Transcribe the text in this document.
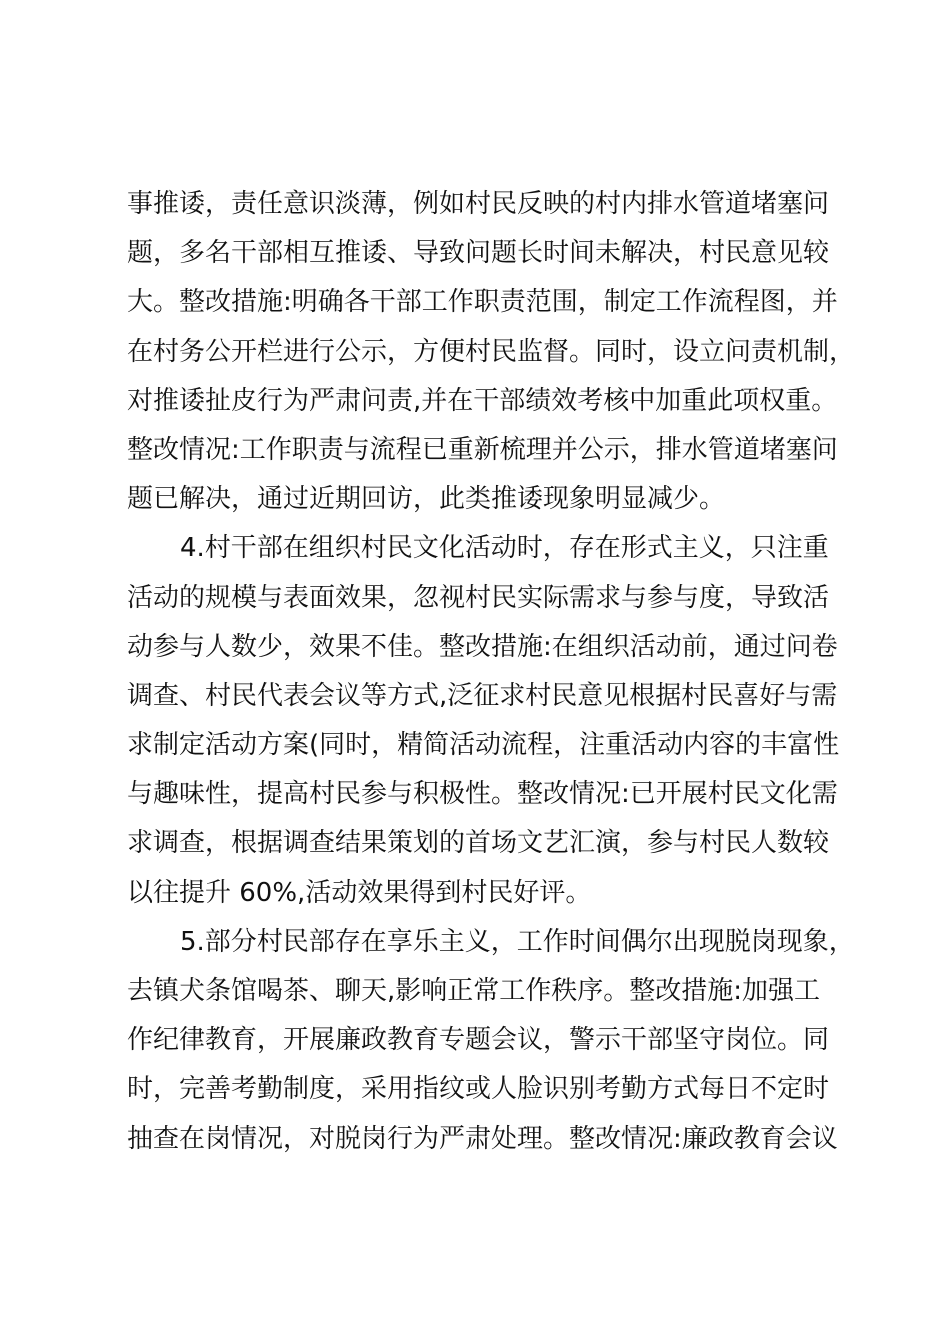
事推诿，责任意识淡薄，例如村民反映的村内排水管道堵塞问
题，多名干部相互推诿、导致问题长时间未解决，村民意见较
大。整改措施:明确各干部工作职责范围，制定工作流程图，并
在村务公开栏进行公示，方便村民监督。同时，设立问责机制，
对推诿扯皮行为严肃问责,并在干部绩效考核中加重此项权重。
整改情况:工作职责与流程已重新梳理并公示，排水管道堵塞问
题已解决，通过近期回访，此类推诿现象明显减少。
4.村干部在组织村民文化活动时，存在形式主义，只注重
活动的规模与表面效果，忽视村民实际需求与参与度，导致活
动参与人数少，效果不佳。整改措施:在组织活动前，通过问卷
调查、村民代表会议等方式,泛征求村民意见根据村民喜好与需
求制定活动方案(同时，精简活动流程，注重活动内容的丰富性
与趣味性，提高村民参与积极性。整改情况:已开展村民文化需
求调查，根据调查结果策划的首场文艺汇演，参与村民人数较
以往提升 60%,活动效果得到村民好评。
5.部分村民部存在享乐主义，工作时间偶尔出现脱岗现象，
去镇犬条馆喝茶、聊天,影响正常工作秩序。整改措施:加强工
作纪律教育，开展廉政教育专题会议，警示干部坚守岗位。同
时，完善考勤制度，采用指纹或人脸识别考勤方式每日不定时
抽查在岗情况，对脱岗行为严肃处理。整改情况:廉政教育会议
